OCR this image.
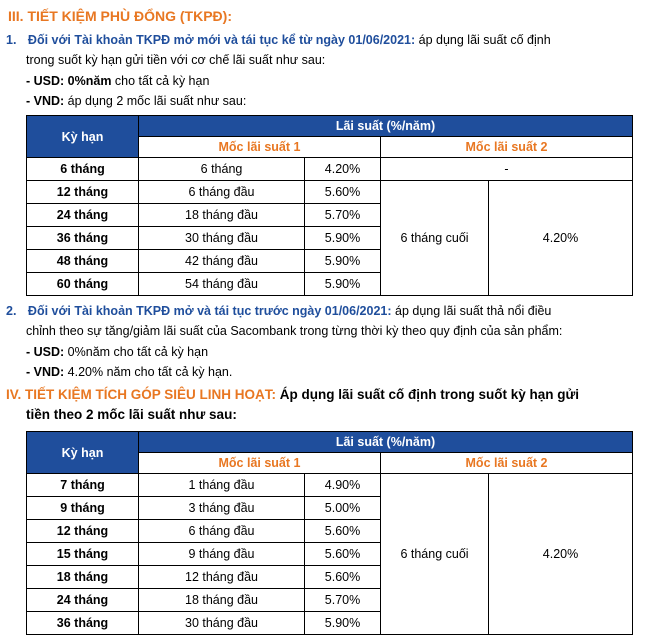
III. TIẾT KIỆM PHÙ ĐỔNG (TKPĐ):
1. Đối với Tài khoản TKPĐ mở mới và tái tục kể từ ngày 01/06/2021: áp dụng lãi suất cố định
trong suốt kỳ hạn gửi tiền với cơ chế lãi suất như sau:
- USD: 0%năm cho tất cả kỳ hạn
- VND: áp dụng 2 mốc lãi suất như sau:
Kỳ hạn	Lãi suất (%/năm)			
	Mốc lãi suất 1		Mốc lãi suất 2	
6 tháng	6 tháng	4.20%	-	
12 tháng	6 tháng đầu	5.60%	6 tháng cuối	4.20%
24 tháng	18 tháng đầu	5.70%		
36 tháng	30 tháng đầu	5.90%		
48 tháng	42 tháng đầu	5.90%		
60 tháng	54 tháng đầu	5.90%		
2. Đối với Tài khoản TKPĐ mở và tái tục trước ngày 01/06/2021: áp dụng lãi suất thả nổi điều
chỉnh theo sự tăng/giảm lãi suất của Sacombank trong từng thời kỳ theo quy định của sản phẩm:
- USD: 0%năm cho tất cả kỳ hạn
- VND: 4.20% năm cho tất cả kỳ hạn.
IV. TIẾT KIỆM TÍCH GÓP SIÊU LINH HOẠT: Áp dụng lãi suất cố định trong suốt kỳ hạn gửi
tiền theo 2 mốc lãi suất như sau:
Kỳ hạn	Lãi suất (%/năm)			
	Mốc lãi suất 1		Mốc lãi suất 2	
7 tháng	1 tháng đầu	4.90%	6 tháng cuối	4.20%
9 tháng	3 tháng đầu	5.00%		
12 tháng	6 tháng đầu	5.60%		
15 tháng	9 tháng đầu	5.60%		
18 tháng	12 tháng đầu	5.60%		
24 tháng	18 tháng đầu	5.70%		
36 tháng	30 tháng đầu	5.90%		
